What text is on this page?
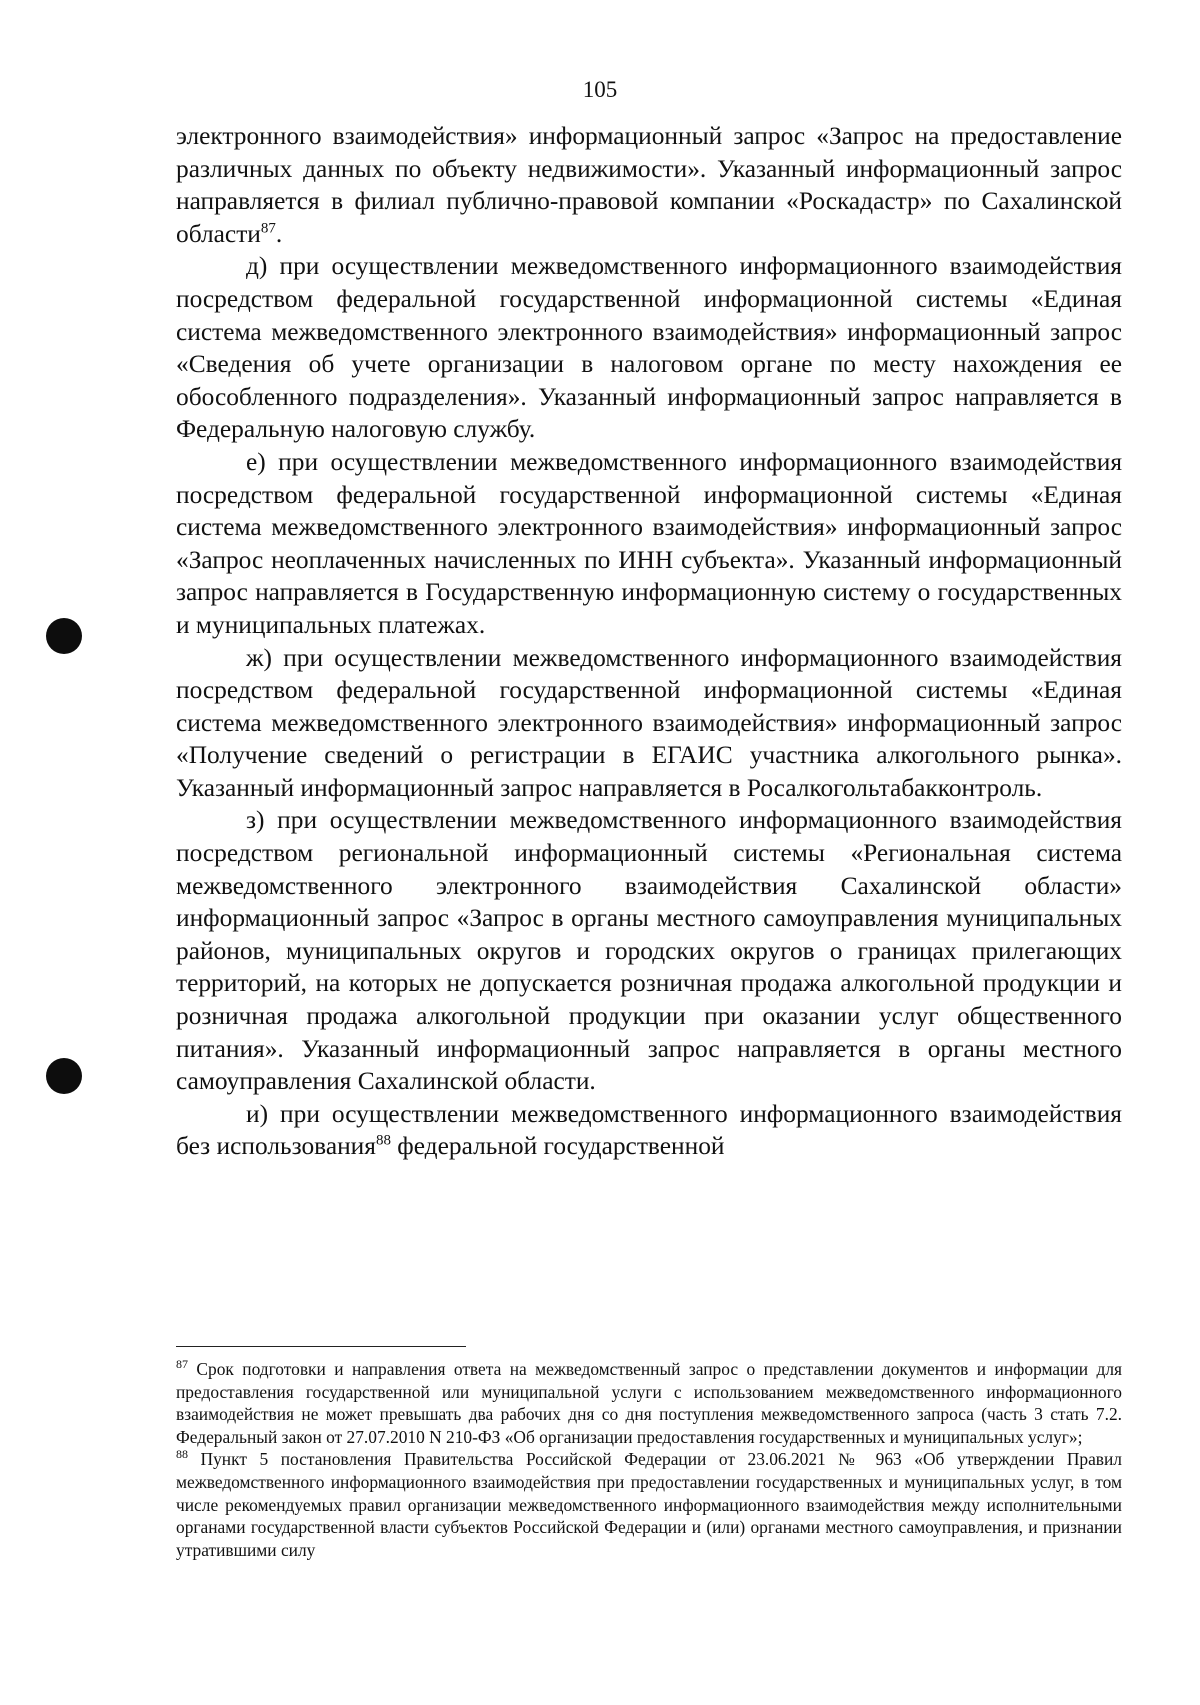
105

электронного взаимодействия» информационный запрос «Запрос на предоставление различных данных по объекту недвижимости». Указанный информационный запрос направляется в филиал публично-правовой компании «Роскадастр» по Сахалинской области$^{87}$.

д) при осуществлении межведомственного информационного взаимодействия посредством федеральной государственной информационной системы «Единая система межведомственного электронного взаимодействия» информационный запрос «Сведения об учете организации в налоговом органе по месту нахождения ее обособленного подразделения». Указанный информационный запрос направляется в Федеральную налоговую службу.

е) при осуществлении межведомственного информационного взаимодействия посредством федеральной государственной информационной системы «Единая система межведомственного электронного взаимодействия» информационный запрос «Запрос неоплаченных начисленных по ИНН субъекта». Указанный информационный запрос направляется в Государственную информационную систему о государственных и муниципальных платежах.

ж) при осуществлении межведомственного информационного взаимодействия посредством федеральной государственной информационной системы «Единая система межведомственного электронного взаимодействия» информационный запрос «Получение сведений о регистрации в ЕГАИС участника алкогольного рынка». Указанный информационный запрос направляется в Росалкогольтабакконтроль.

з) при осуществлении межведомственного информационного взаимодействия посредством региональной информационный системы «Региональная система межведомственного электронного взаимодействия Сахалинской области» информационный запрос «Запрос в органы местного самоуправления муниципальных районов, муниципальных округов и городских округов о границах прилегающих территорий, на которых не допускается розничная продажа алкогольной продукции и розничная продажа алкогольной продукции при оказании услуг общественного питания». Указанный информационный запрос направляется в органы местного самоуправления Сахалинской области.

и) при осуществлении межведомственного информационного взаимодействия без использования$^{88}$ федеральной государственной

$^{87}$ Срок подготовки и направления ответа на межведомственный запрос о представлении документов и информации для предоставления государственной или муниципальной услуги с использованием межведомственного информационного взаимодействия не может превышать два рабочих дня со дня поступления межведомственного запроса (часть 3 стать 7.2. Федеральный закон от 27.07.2010 N 210-ФЗ «Об организации предоставления государственных и муниципальных услуг»;

$^{88}$ Пункт 5 постановления Правительства Российской Федерации от 23.06.2021 № 963 «Об утверждении Правил межведомственного информационного взаимодействия при предоставлении государственных и муниципальных услуг, в том числе рекомендуемых правил организации межведомственного информационного взаимодействия между исполнительными органами государственной власти субъектов Российской Федерации и (или) органами местного самоуправления, и признании утратившими силу
